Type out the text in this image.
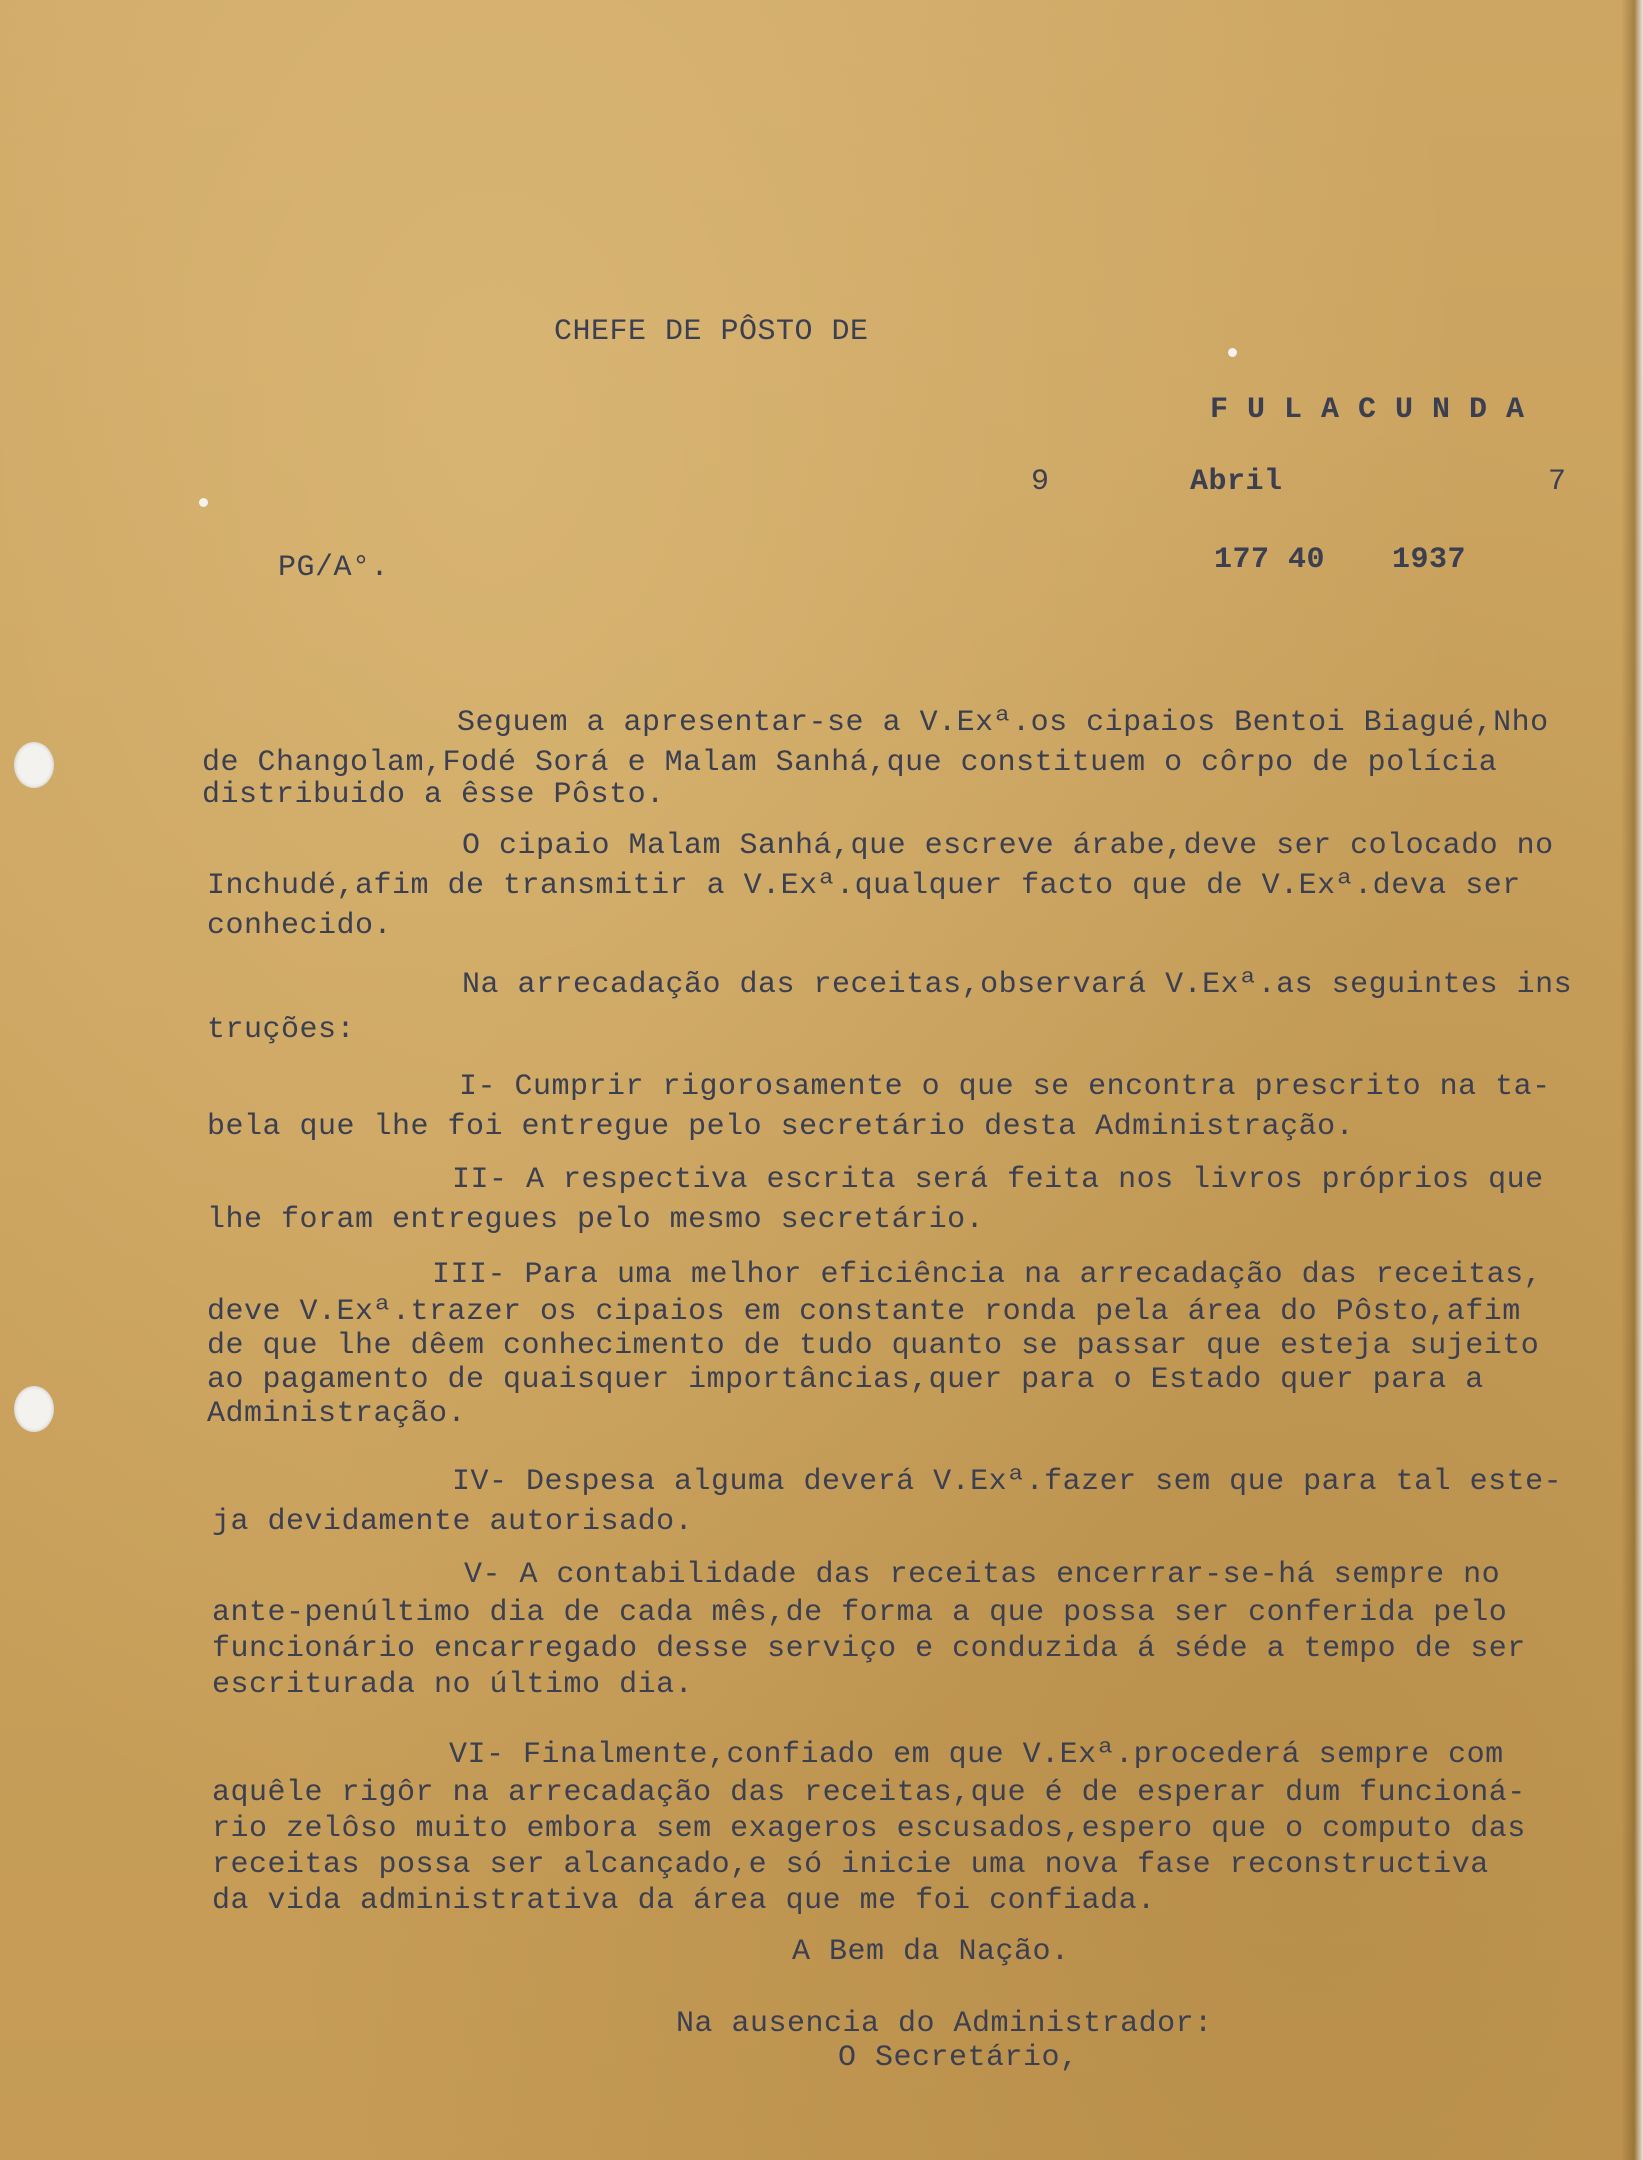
CHEFE DE PÔSTO DE

F U L A C U N D A

9	Abril	7

PG/A°.	177 40 1937

Seguem a apresentar-se a V.Exª.os cipaios Bentoi Biagué,Nho
de Changolam,Fodé Sorá e Malam Sanhá,que constituem o côrpo de polícia
distribuido a êsse Pôsto.
O cipaio Malam Sanhá,que escreve árabe,deve ser colocado no
Inchudé,afim de transmitir a V.Exª.qualquer facto que de V.Exª.deva ser
conhecido.
Na arrecadação das receitas,observará V.Exª.as seguintes ins
truções:
I- Cumprir rigorosamente o que se encontra prescrito na ta-
bela que lhe foi entregue pelo secretário desta Administração.
II- A respectiva escrita será feita nos livros próprios que
lhe foram entregues pelo mesmo secretário.
III- Para uma melhor eficiência na arrecadação das receitas,
deve V.Exª.trazer os cipaios em constante ronda pela área do Pôsto,afim
de que lhe dêem conhecimento de tudo quanto se passar que esteja sujeito
ao pagamento de quaisquer importâncias,quer para o Estado quer para a
Administração.
IV- Despesa alguma deverá V.Exª.fazer sem que para tal este-
ja devidamente autorisado.
V- A contabilidade das receitas encerrar-se-há sempre no
ante-penúltimo dia de cada mês,de forma a que possa ser conferida pelo
funcionário encarregado desse serviço e conduzida á séde a tempo de ser
escriturada no último dia.
VI- Finalmente,confiado em que V.Exª.procederá sempre com
aquêle rigôr na arrecadação das receitas,que é de esperar dum funcioná-
rio zelôso muito embora sem exageros escusados,espero que o computo das
receitas possa ser alcançado,e só inicie uma nova fase reconstructiva
da vida administrativa da área que me foi confiada.

A Bem da Nação.

Na ausencia do Administrador:

O Secretário,
